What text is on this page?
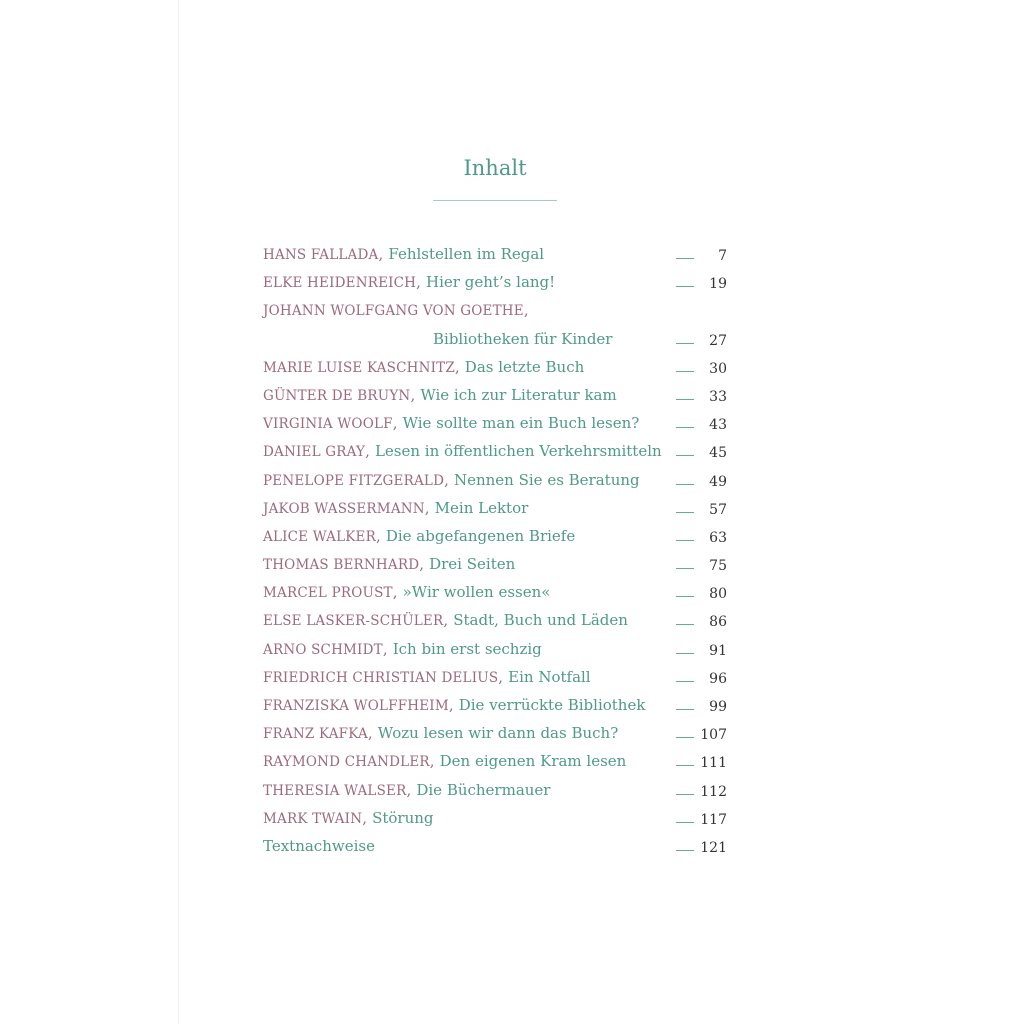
Inhalt
HANS FALLADA, Fehlstellen im Regal	7
ELKE HEIDENREICH, Hier geht’s lang!	19
JOHANN WOLFGANG VON GOETHE,
Bibliotheken für Kinder	27
MARIE LUISE KASCHNITZ, Das letzte Buch	30
GÜNTER DE BRUYN, Wie ich zur Literatur kam	33
VIRGINIA WOOLF, Wie sollte man ein Buch lesen?	43
DANIEL GRAY, Lesen in öffentlichen Verkehrsmitteln	45
PENELOPE FITZGERALD, Nennen Sie es Beratung	49
JAKOB WASSERMANN, Mein Lektor	57
ALICE WALKER, Die abgefangenen Briefe	63
THOMAS BERNHARD, Drei Seiten	75
MARCEL PROUST, »Wir wollen essen«	80
ELSE LASKER-SCHÜLER, Stadt, Buch und Läden	86
ARNO SCHMIDT, Ich bin erst sechzig	91
FRIEDRICH CHRISTIAN DELIUS, Ein Notfall	96
FRANZISKA WOLFFHEIM, Die verrückte Bibliothek	99
FRANZ KAFKA, Wozu lesen wir dann das Buch?	107
RAYMOND CHANDLER, Den eigenen Kram lesen	111
THERESIA WALSER, Die Büchermauer	112
MARK TWAIN, Störung	117
Textnachweise	121
